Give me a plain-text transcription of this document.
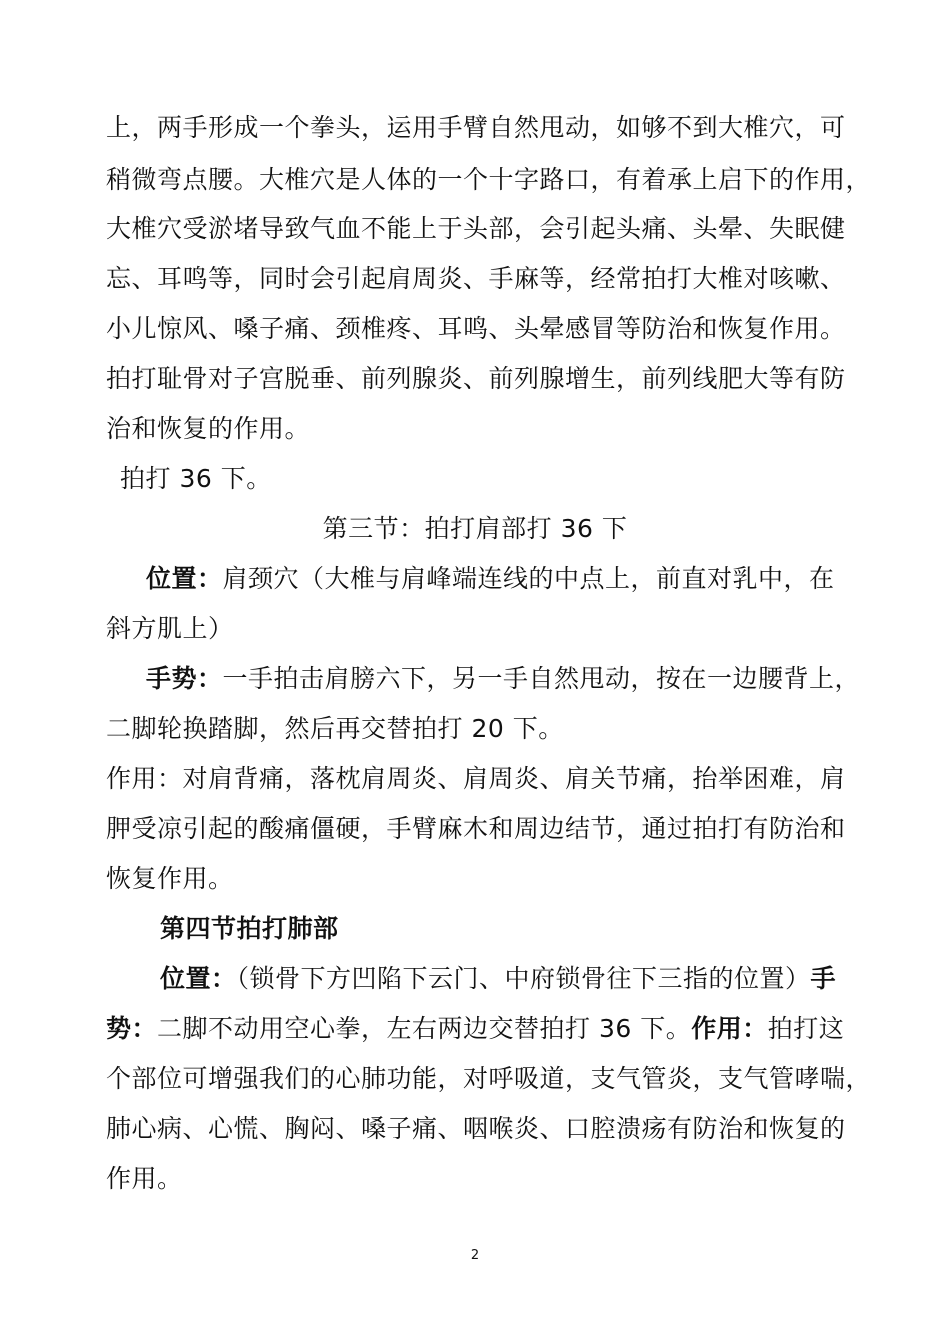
上，两手形成一个拳头，运用手臂自然甩动，如够不到大椎穴，可
稍微弯点腰。大椎穴是人体的一个十字路口，有着承上启下的作用，
大椎穴受淤堵导致气血不能上于头部，会引起头痛、头晕、失眠健
忘、耳鸣等，同时会引起肩周炎、手麻等，经常拍打大椎对咳嗽、
小儿惊风、嗓子痛、颈椎疼、耳鸣、头晕感冒等防治和恢复作用。
拍打耻骨对子宫脱垂、前列腺炎、前列腺增生，前列线肥大等有防
治和恢复的作用。
拍打 36 下。
第三节：拍打肩部打 36 下
位置：肩颈穴（大椎与肩峰端连线的中点上，前直对乳中，在
斜方肌上）
手势：一手拍击肩膀六下，另一手自然甩动，按在一边腰背上，
二脚轮换踏脚，然后再交替拍打 20 下。
作用：对肩背痛，落枕肩周炎、肩周炎、肩关节痛，抬举困难，肩
胛受凉引起的酸痛僵硬，手臂麻木和周边结节，通过拍打有防治和
恢复作用。
第四节拍打肺部
位置：（锁骨下方凹陷下云门、中府锁骨往下三指的位置）手
势：二脚不动用空心拳，左右两边交替拍打 36 下。作用：拍打这
个部位可增强我们的心肺功能，对呼吸道，支气管炎，支气管哮喘，
肺心病、心慌、胸闷、嗓子痛、咽喉炎、口腔溃疡有防治和恢复的
作用。
2
